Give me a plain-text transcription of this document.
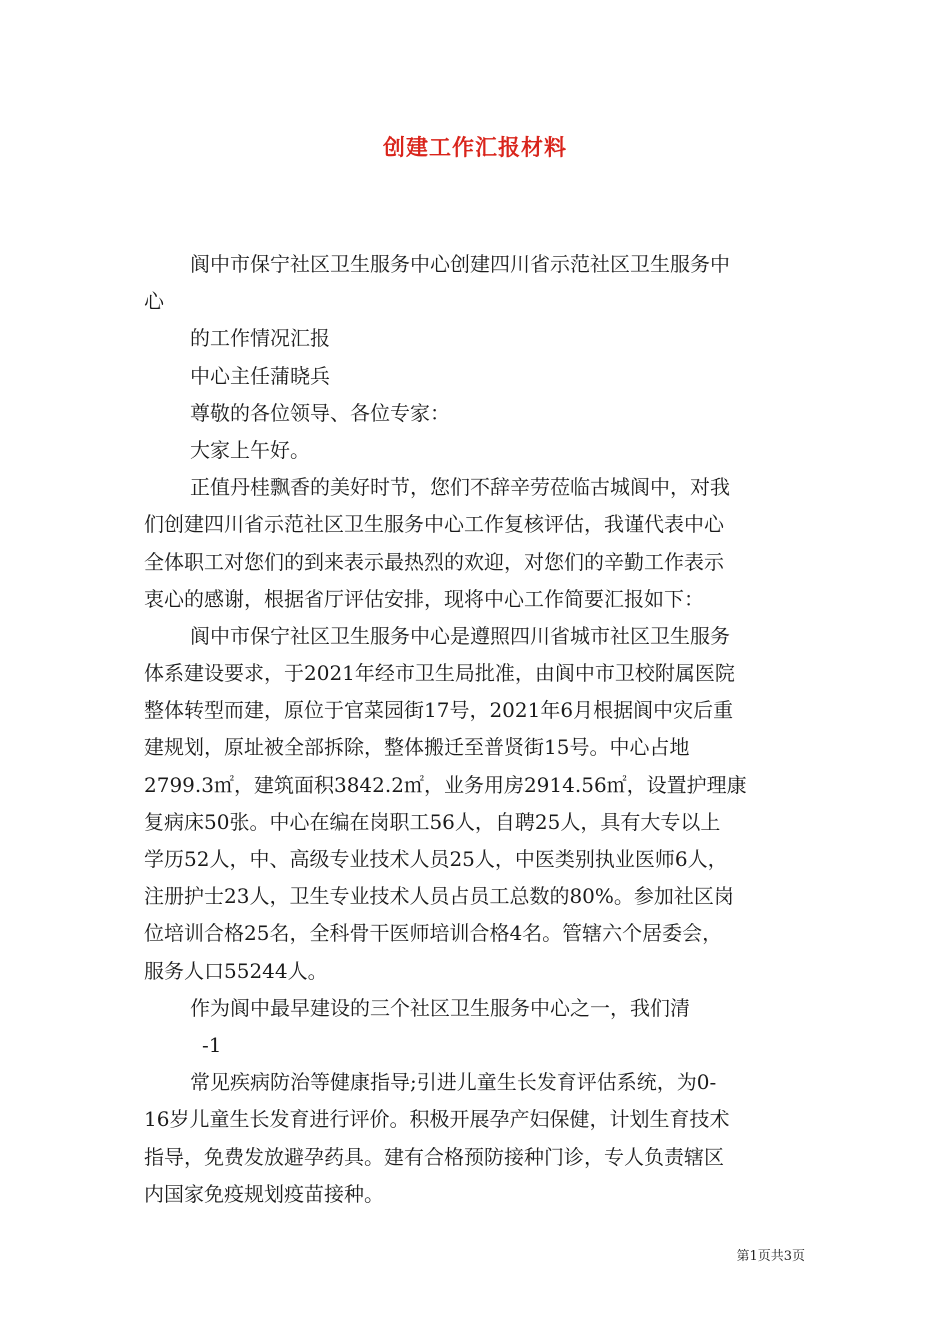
创建工作汇报材料
阆中市保宁社区卫生服务中心创建四川省示范社区卫生服务中
心
的工作情况汇报
中心主任蒲晓兵
尊敬的各位领导、各位专家：
大家上午好。
正值丹桂飘香的美好时节，您们不辞辛劳莅临古城阆中，对我
们创建四川省示范社区卫生服务中心工作复核评估，我谨代表中心
全体职工对您们的到来表示最热烈的欢迎，对您们的辛勤工作表示
衷心的感谢，根据省厅评估安排，现将中心工作简要汇报如下：
阆中市保宁社区卫生服务中心是遵照四川省城市社区卫生服务
体系建设要求，于2021年经市卫生局批准，由阆中市卫校附属医院
整体转型而建，原位于官菜园街17号，2021年6月根据阆中灾后重
建规划，原址被全部拆除，整体搬迁至普贤街15号。中心占地
2799.3㎡，建筑面积3842.2㎡，业务用房2914.56㎡，设置护理康
复病床50张。中心在编在岗职工56人，自聘25人，具有大专以上
学历52人，中、高级专业技术人员25人，中医类别执业医师6人，
注册护士23人，卫生专业技术人员占员工总数的80%。参加社区岗
位培训合格25名，全科骨干医师培训合格4名。管辖六个居委会，
服务人口55244人。
作为阆中最早建设的三个社区卫生服务中心之一，我们清
-1
常见疾病防治等健康指导;引进儿童生长发育评估系统，为0-
16岁儿童生长发育进行评价。积极开展孕产妇保健，计划生育技术
指导，免费发放避孕药具。建有合格预防接种门诊，专人负责辖区
内国家免疫规划疫苗接种。
第1页共3页
